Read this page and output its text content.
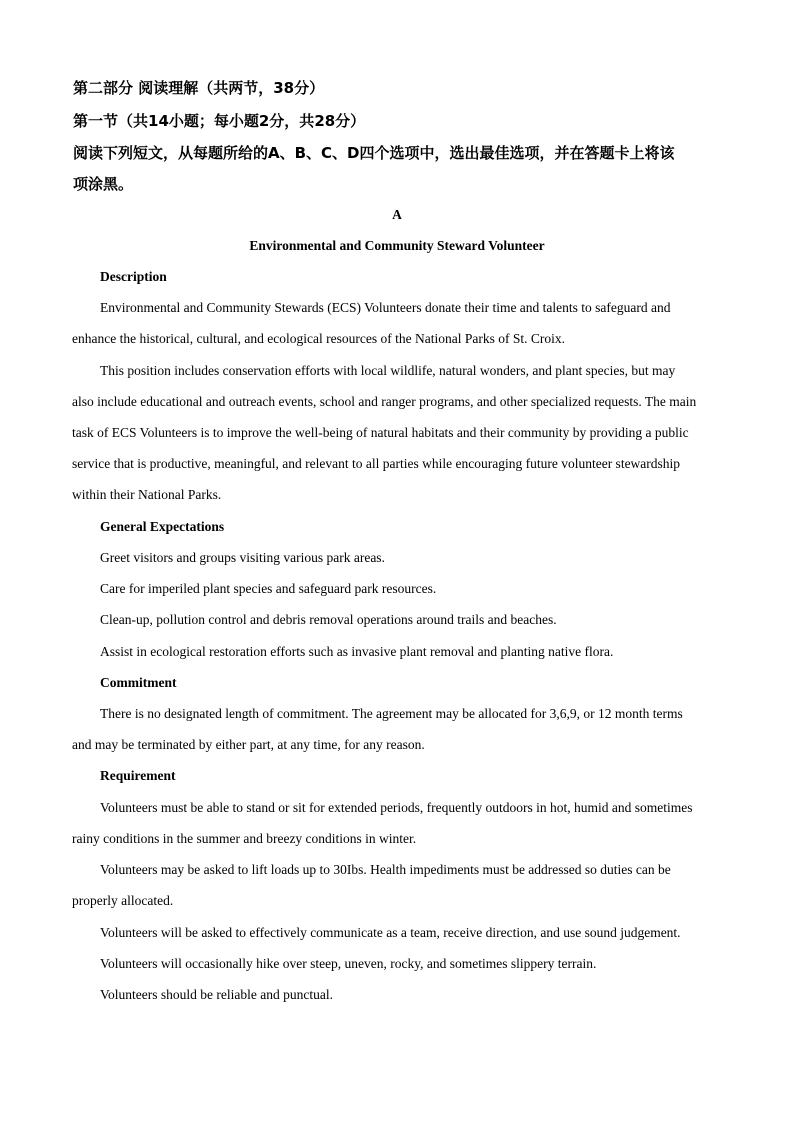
第二部分 阅读理解（共两节，38分）
第一节（共14小题；每小题2分，共28分）
阅读下列短文，从每题所给的A、B、C、D四个选项中，选出最佳选项，并在答题卡上将该
项涂黑。
A
Environmental and Community Steward Volunteer
Description
Environmental and Community Stewards (ECS) Volunteers donate their time and talents to safeguard and
enhance the historical, cultural, and ecological resources of the National Parks of St. Croix.
This position includes conservation efforts with local wildlife, natural wonders, and plant species, but may
also include educational and outreach events, school and ranger programs, and other specialized requests. The main
task of ECS Volunteers is to improve the well-being of natural habitats and their community by providing a public
service that is productive, meaningful, and relevant to all parties while encouraging future volunteer stewardship
within their National Parks.
General Expectations
Greet visitors and groups visiting various park areas.
Care for imperiled plant species and safeguard park resources.
Clean-up, pollution control and debris removal operations around trails and beaches.
Assist in ecological restoration efforts such as invasive plant removal and planting native flora.
Commitment
There is no designated length of commitment. The agreement may be allocated for 3,6,9, or 12 month terms
and may be terminated by either part, at any time, for any reason.
Requirement
Volunteers must be able to stand or sit for extended periods, frequently outdoors in hot, humid and sometimes
rainy conditions in the summer and breezy conditions in winter.
Volunteers may be asked to lift loads up to 30Ibs. Health impediments must be addressed so duties can be
properly allocated.
Volunteers will be asked to effectively communicate as a team, receive direction, and use sound judgement.
Volunteers will occasionally hike over steep, uneven, rocky, and sometimes slippery terrain.
Volunteers should be reliable and punctual.
